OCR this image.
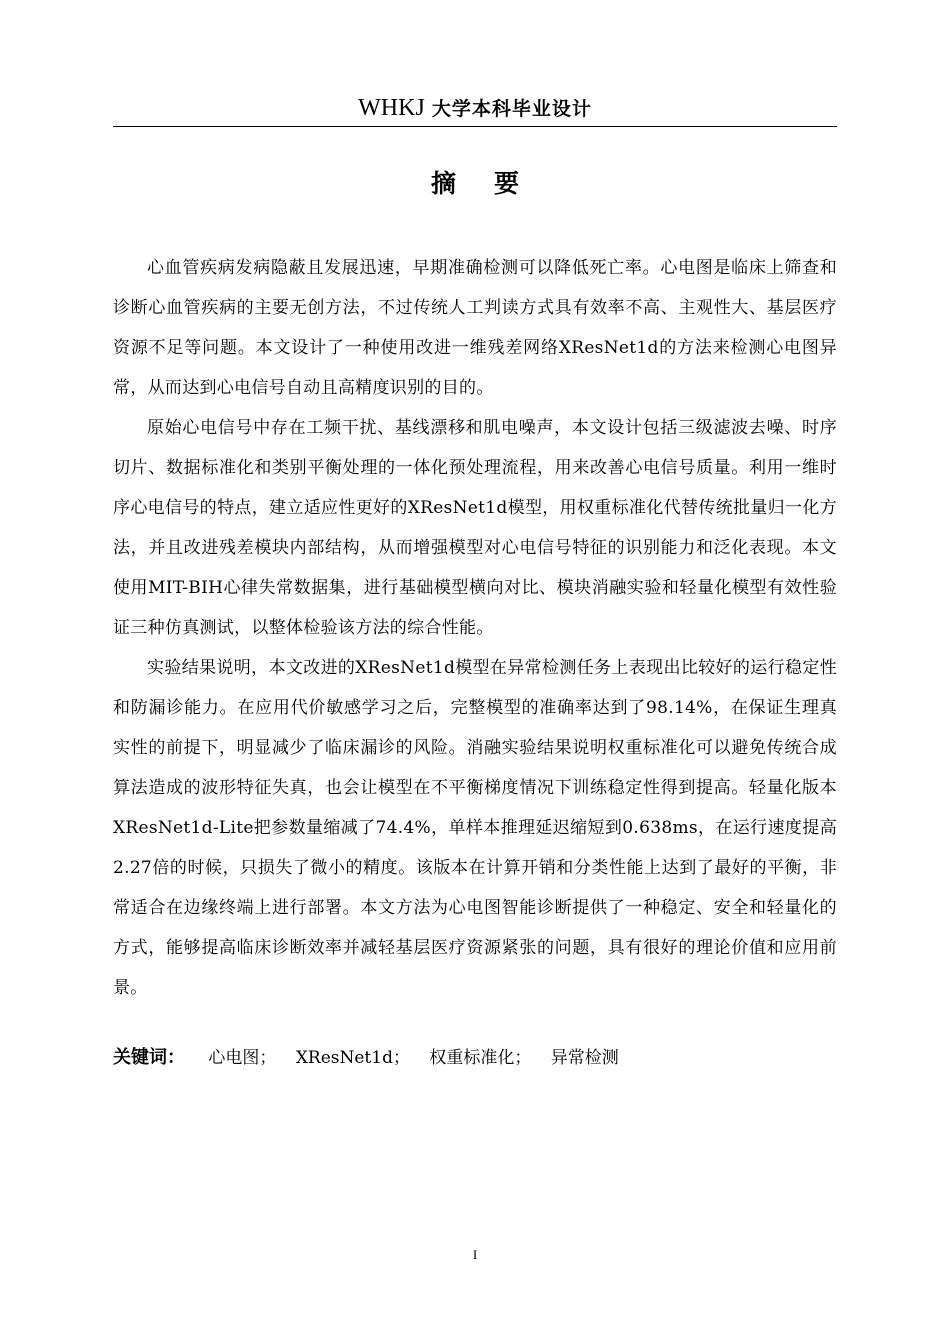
WHKJ 大学本科毕业设计
摘要

心血管疾病发病隐蔽且发展迅速，早期准确检测可以降低死亡率。心电图是临床上筛查和诊断心血管疾病的主要无创方法，不过传统人工判读方式具有效率不高、主观性大、基层医疗资源不足等问题。本文设计了一种使用改进一维残差网络XResNet1d的方法来检测心电图异常，从而达到心电信号自动且高精度识别的目的。

原始心电信号中存在工频干扰、基线漂移和肌电噪声，本文设计包括三级滤波去噪、时序切片、数据标准化和类别平衡处理的一体化预处理流程，用来改善心电信号质量。利用一维时序心电信号的特点，建立适应性更好的XResNet1d模型，用权重标准化代替传统批量归一化方法，并且改进残差模块内部结构，从而增强模型对心电信号特征的识别能力和泛化表现。本文使用MIT-BIH心律失常数据集，进行基础模型横向对比、模块消融实验和轻量化模型有效性验证三种仿真测试，以整体检验该方法的综合性能。

实验结果说明，本文改进的XResNet1d模型在异常检测任务上表现出比较好的运行稳定性和防漏诊能力。在应用代价敏感学习之后，完整模型的准确率达到了98.14%，在保证生理真实性的前提下，明显减少了临床漏诊的风险。消融实验结果说明权重标准化可以避免传统合成算法造成的波形特征失真，也会让模型在不平衡梯度情况下训练稳定性得到提高。轻量化版本XResNet1d-Lite把参数量缩减了74.4%，单样本推理延迟缩短到0.638ms，在运行速度提高2.27倍的时候，只损失了微小的精度。该版本在计算开销和分类性能上达到了最好的平衡，非常适合在边缘终端上进行部署。本文方法为心电图智能诊断提供了一种稳定、安全和轻量化的方式，能够提高临床诊断效率并减轻基层医疗资源紧张的问题，具有很好的理论价值和应用前景。

关键词： 心电图； XResNet1d； 权重标准化； 异常检测
I
